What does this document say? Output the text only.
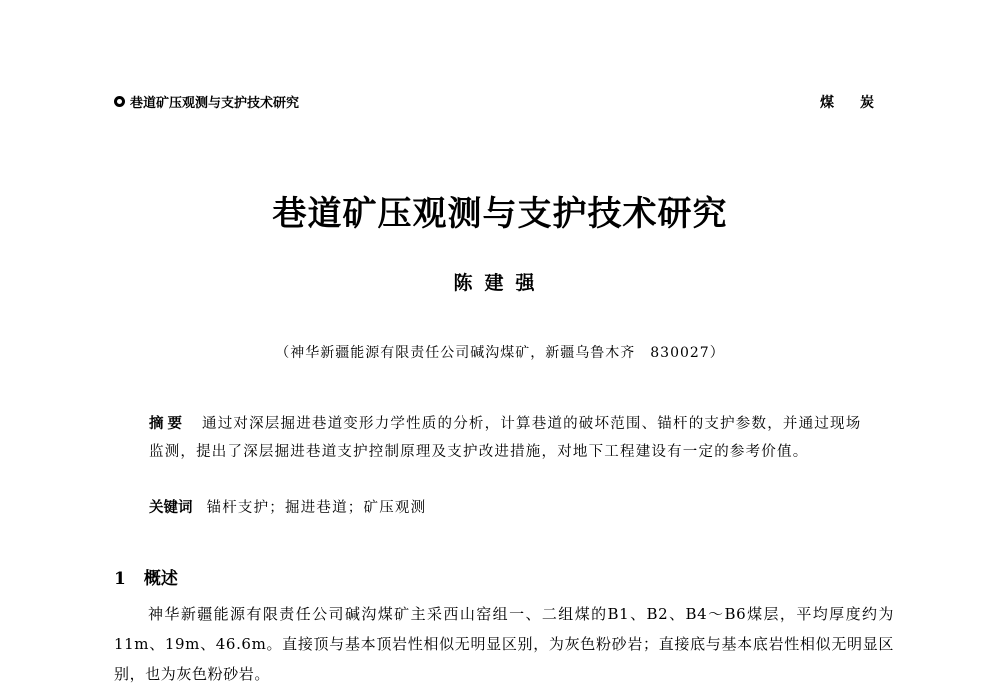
巷道矿压观测与支护技术研究	煤炭
巷道矿压观测与支护技术研究
陈建强
（神华新疆能源有限责任公司碱沟煤矿，新疆乌鲁木齐　830027）
摘要 通过对深层掘进巷道变形力学性质的分析，计算巷道的破坏范围、锚杆的支护参数，并通过现场监测，提出了深层掘进巷道支护控制原理及支护改进措施，对地下工程建设有一定的参考价值。
关键词 锚杆支护；掘进巷道；矿压观测
1 概述
神华新疆能源有限责任公司碱沟煤矿主采西山窑组一、二组煤的B1、B2、B4～B6煤层，平均厚度约为11m、19m、46.6m。直接顶与基本顶岩性相似无明显区别，为灰色粉砂岩；直接底与基本底岩性相似无明显区别，也为灰色粉砂岩。
